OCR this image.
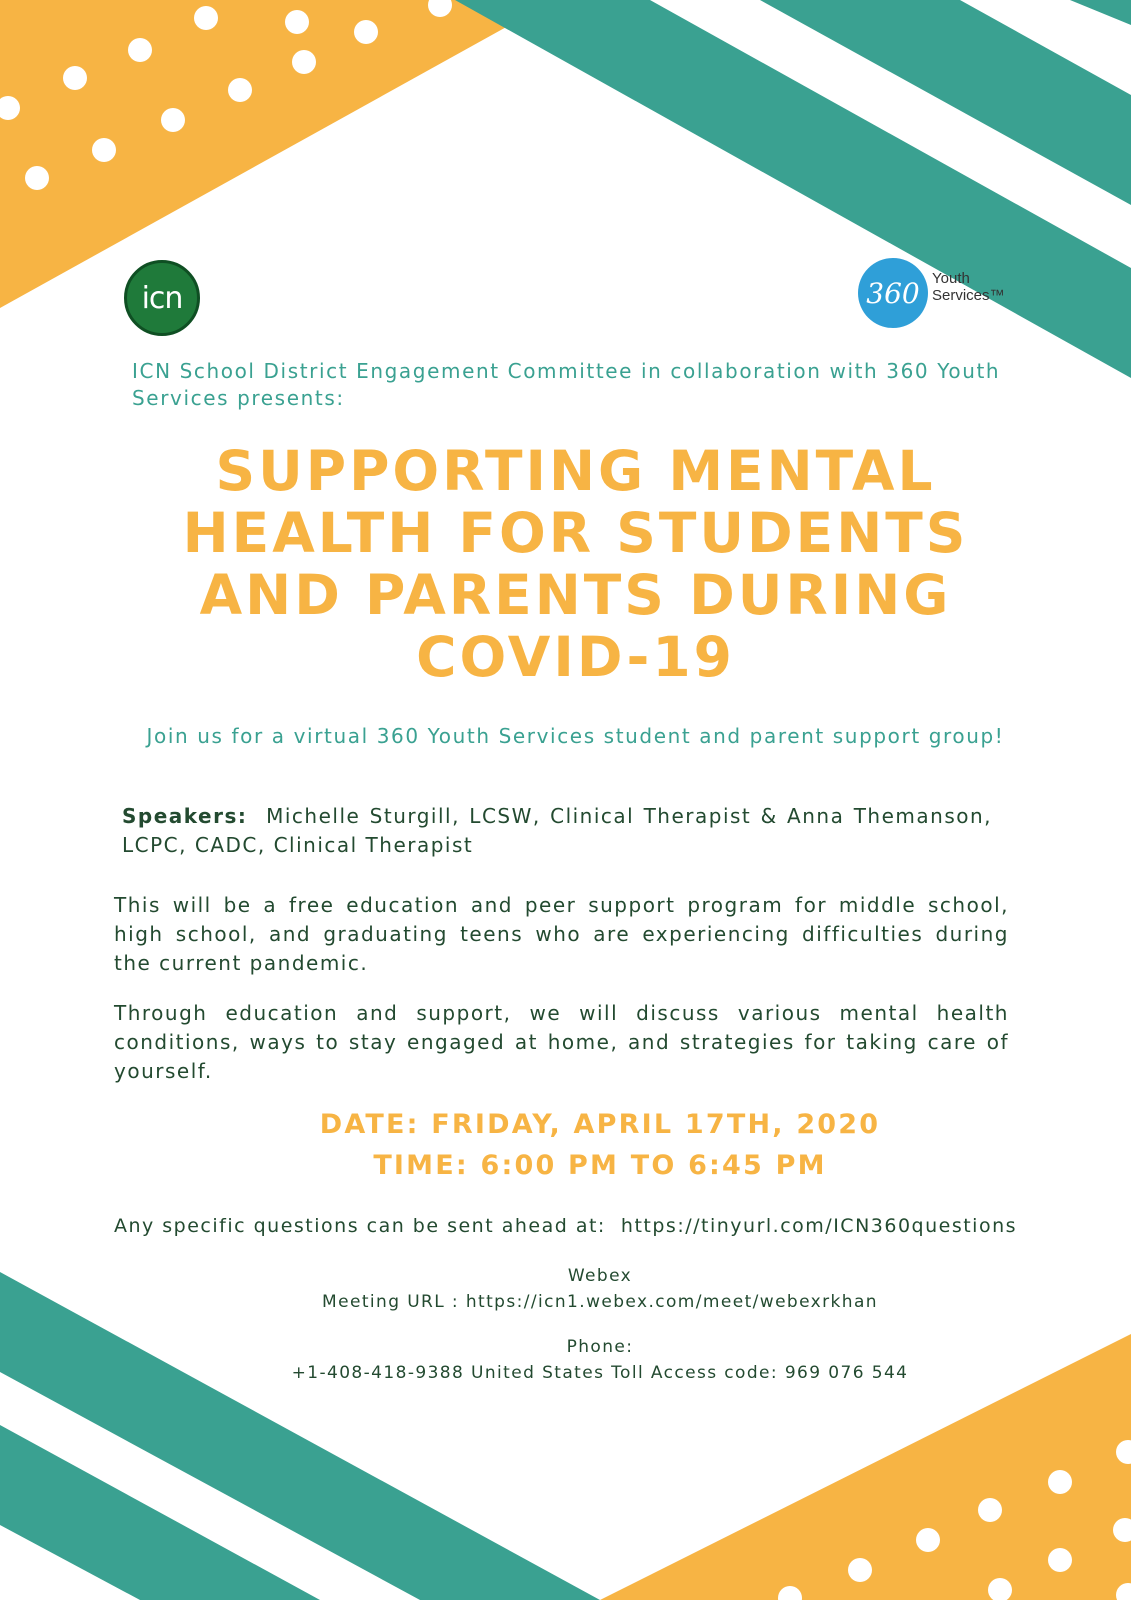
icn	360 Youth
Services™
ICN School District Engagement Committee in collaboration with 360 Youth Services presents:
SUPPORTING MENTAL HEALTH FOR STUDENTS AND PARENTS DURING COVID-19
Join us for a virtual 360 Youth Services student and parent support group!
Speakers: Michelle Sturgill, LCSW, Clinical Therapist & Anna Themanson, LCPC, CADC, Clinical Therapist
This will be a free education and peer support program for middle school, high school, and graduating teens who are experiencing difficulties during the current pandemic.
Through education and support, we will discuss various mental health conditions, ways to stay engaged at home, and strategies for taking care of yourself.
DATE: FRIDAY, APRIL 17TH, 2020
TIME: 6:00 PM TO 6:45 PM
Any specific questions can be sent ahead at: https://tinyurl.com/ICN360questions
Webex
Meeting URL : https://icn1.webex.com/meet/webexrkhan
Phone:
+1-408-418-9388 United States Toll Access code: 969 076 544
